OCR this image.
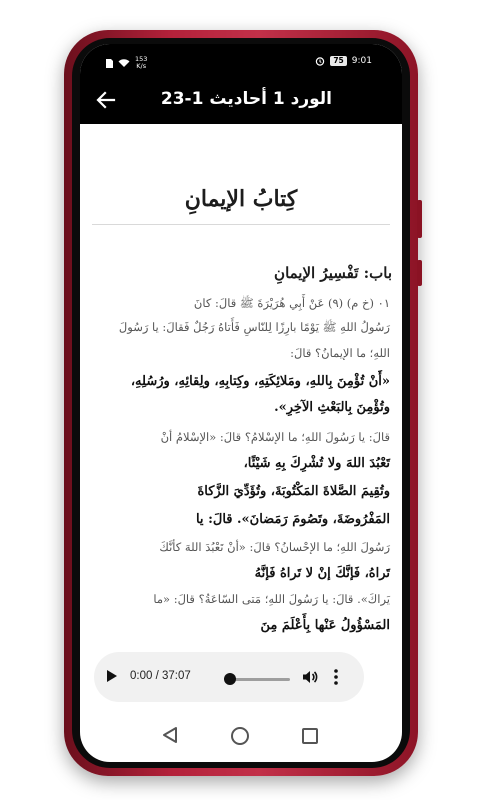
153
K/s
75 9:01
الورد 1 أحاديث 1-23
كِتابُ الإيمانِ
باب: تَفْسِيرُ الإيمانِ
٠١ (خ م) (٩) عَنْ أَبِي هُرَيْرَةَ ﷺ قالَ: كانَ
رَسُولُ اللهِ ﷺ يَوْمًا بارِزًا لِلنّاسِ فَأَتاهُ رَجُلٌ فَقالَ: يا رَسُولَ
اللهِ؛ ما الإيمانُ؟ قالَ:
«أَنْ تُؤْمِنَ بِاللهِ، ومَلائِكَتِهِ، وكِتابِهِ، ولِقائِهِ، ورُسُلِهِ،
وتُؤْمِنَ بِالبَعْثِ الآخِرِ».
قالَ: يا رَسُولَ اللهِ؛ ما الإسْلامُ؟ قالَ: «الإسْلامُ أنْ
تَعْبُدَ اللهَ ولا تُشْرِكَ بِهِ شَيْئًا،
وتُقِيمَ الصَّلاةَ المَكْتُوبَةَ، وتُؤَدِّيَ الزَّكاةَ
المَفْرُوضَةَ، وتَصُومَ رَمَضانَ». قالَ: يا
رَسُولَ اللهِ؛ ما الإحْسانُ؟ قالَ: «أنْ تَعْبُدَ اللهَ كأنَّكَ
تَراهُ، فَإنَّكَ إنْ لا تَراهُ فَإنَّهُ
يَراكَ». قالَ: يا رَسُولَ اللهِ؛ مَتى السّاعَةُ؟ قالَ: «ما
المَسْؤُولُ عَنْها بِأَعْلَمَ مِنَ
0:00 / 37:07
